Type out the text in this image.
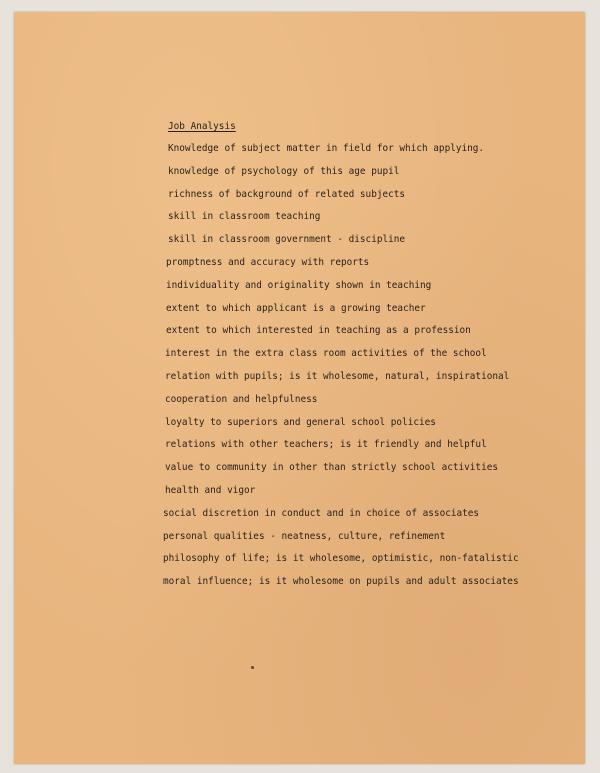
Job Analysis
Knowledge of subject matter in field for which applying.
knowledge of psychology of this age pupil
richness of background of related subjects
skill in classroom teaching
skill in classroom government - discipline
promptness and accuracy with reports
individuality and originality shown in teaching
extent to which applicant is a growing teacher
extent to which interested in teaching as a profession
interest in the extra class room activities of the school
relation with pupils; is it wholesome, natural, inspirational
cooperation and helpfulness
loyalty to superiors and general school policies
relations with other teachers; is it friendly and helpful
value to community in other than strictly school activities
health and vigor
social discretion in conduct and in choice of associates
personal qualities - neatness, culture, refinement
philosophy of life; is it wholesome, optimistic, non-fatalistic
moral influence; is it wholesome on pupils and adult associates
